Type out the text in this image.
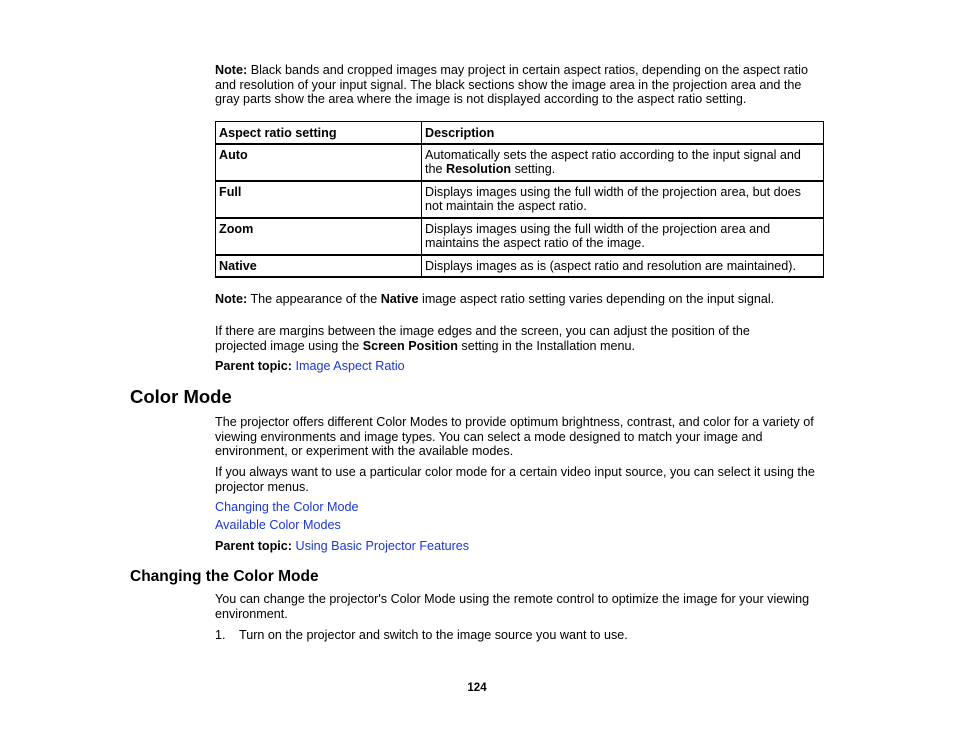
Note: Black bands and cropped images may project in certain aspect ratios, depending on the aspect ratio and resolution of your input signal. The black sections show the image area in the projection area and the gray parts show the area where the image is not displayed according to the aspect ratio setting.

Aspect ratio setting	Description
Auto	Automatically sets the aspect ratio according to the input signal and the Resolution setting.
Full	Displays images using the full width of the projection area, but does not maintain the aspect ratio.
Zoom	Displays images using the full width of the projection area and maintains the aspect ratio of the image.
Native	Displays images as is (aspect ratio and resolution are maintained).

Note: The appearance of the Native image aspect ratio setting varies depending on the input signal.

If there are margins between the image edges and the screen, you can adjust the position of the projected image using the Screen Position setting in the Installation menu.

Parent topic: Image Aspect Ratio

Color Mode

The projector offers different Color Modes to provide optimum brightness, contrast, and color for a variety of viewing environments and image types. You can select a mode designed to match your image and environment, or experiment with the available modes.

If you always want to use a particular color mode for a certain video input source, you can select it using the projector menus.

Changing the Color Mode

Available Color Modes

Parent topic: Using Basic Projector Features

Changing the Color Mode

You can change the projector's Color Mode using the remote control to optimize the image for your viewing environment.

1. Turn on the projector and switch to the image source you want to use.

124
